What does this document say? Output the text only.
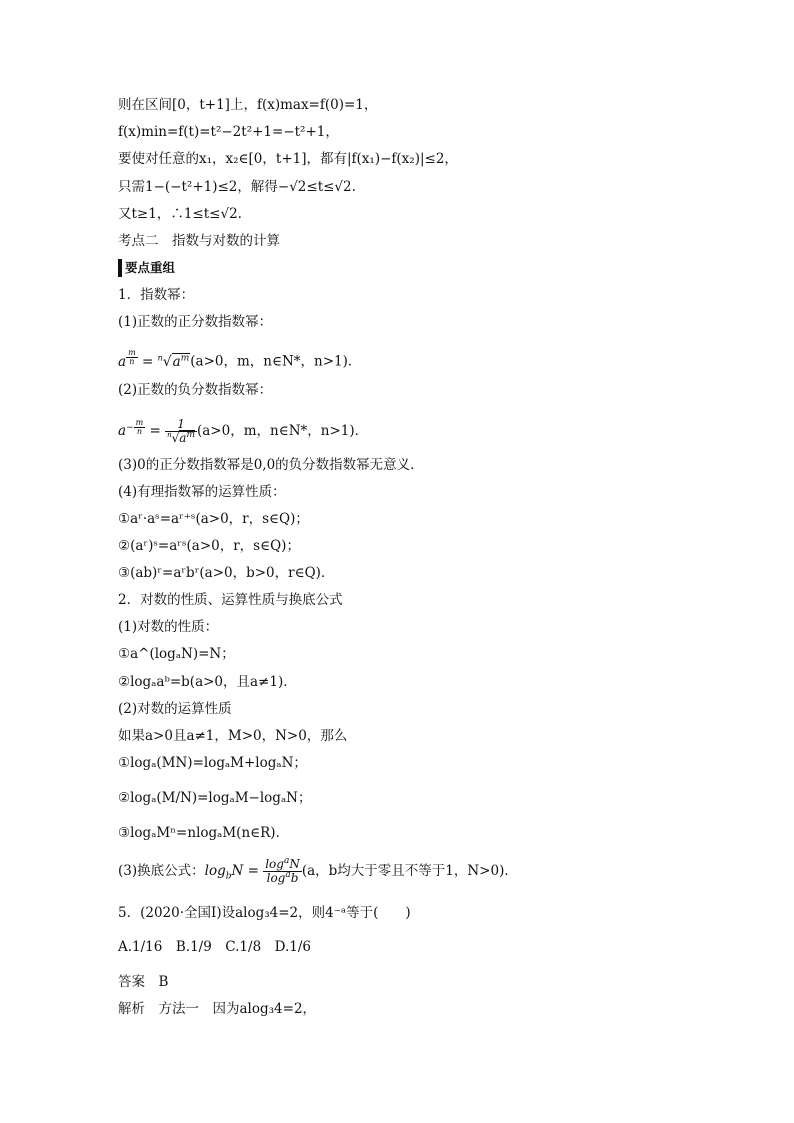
则在区间[0，t+1]上，f(x)max=f(0)=1，
f(x)min=f(t)=t²−2t²+1=−t²+1，
要使对任意的x₁，x₂∈[0，t+1]，都有|f(x₁)−f(x₂)|≤2，
只需1−(−t²+1)≤2，解得−√2≤t≤√2.
又t≥1，∴1≤t≤√2.
考点二　指数与对数的计算
要点重组
1．指数幂：
(1)正数的正分数指数幂：
a $^{\frac{m}{n}} = ^n√a^m(a>0$，m，n∈N*，n>1)．
(2)正数的负分数指数幂：
$a^{- \frac{m}{n}} = \frac{1}{^n√a^m} (a>0$，m，n∈N*，n>1)．
(3)0的正分数指数幂是0,0的负分数指数幂无意义．
(4)有理指数幂的运算性质：
①aʳ·aˢ=aʳ⁺ˢ(a>0，r，s∈Q)；
②(aʳ)ˢ=aʳˢ(a>0，r，s∈Q)；
③(ab)ʳ=aʳbʳ(a>0，b>0，r∈Q)．
2．对数的性质、运算性质与换底公式
(1)对数的性质：
①a^(logₐN)=N；
②logₐaᵇ=b(a>0，且a≠1)．
(2)对数的运算性质
如果a>0且a≠1，M>0，N>0，那么
①logₐ(MN)=logₐM+logₐN；
②logₐ(M/N)=logₐM−logₐN；
③logₐMⁿ=nlogₐM(n∈R)．
(3)换底公式：$\log_bN = \frac{\log^aN}{\log^ab} (a$，b均大于零且不等于1，N>0)．
5．(2020·全国Ⅰ)设alog₃4=2，则4⁻ᵃ等于(　　)
A.1/16　B.1/9　C.1/8　D.1/6
答案　B
解析　方法一　因为alog₃4=2，
